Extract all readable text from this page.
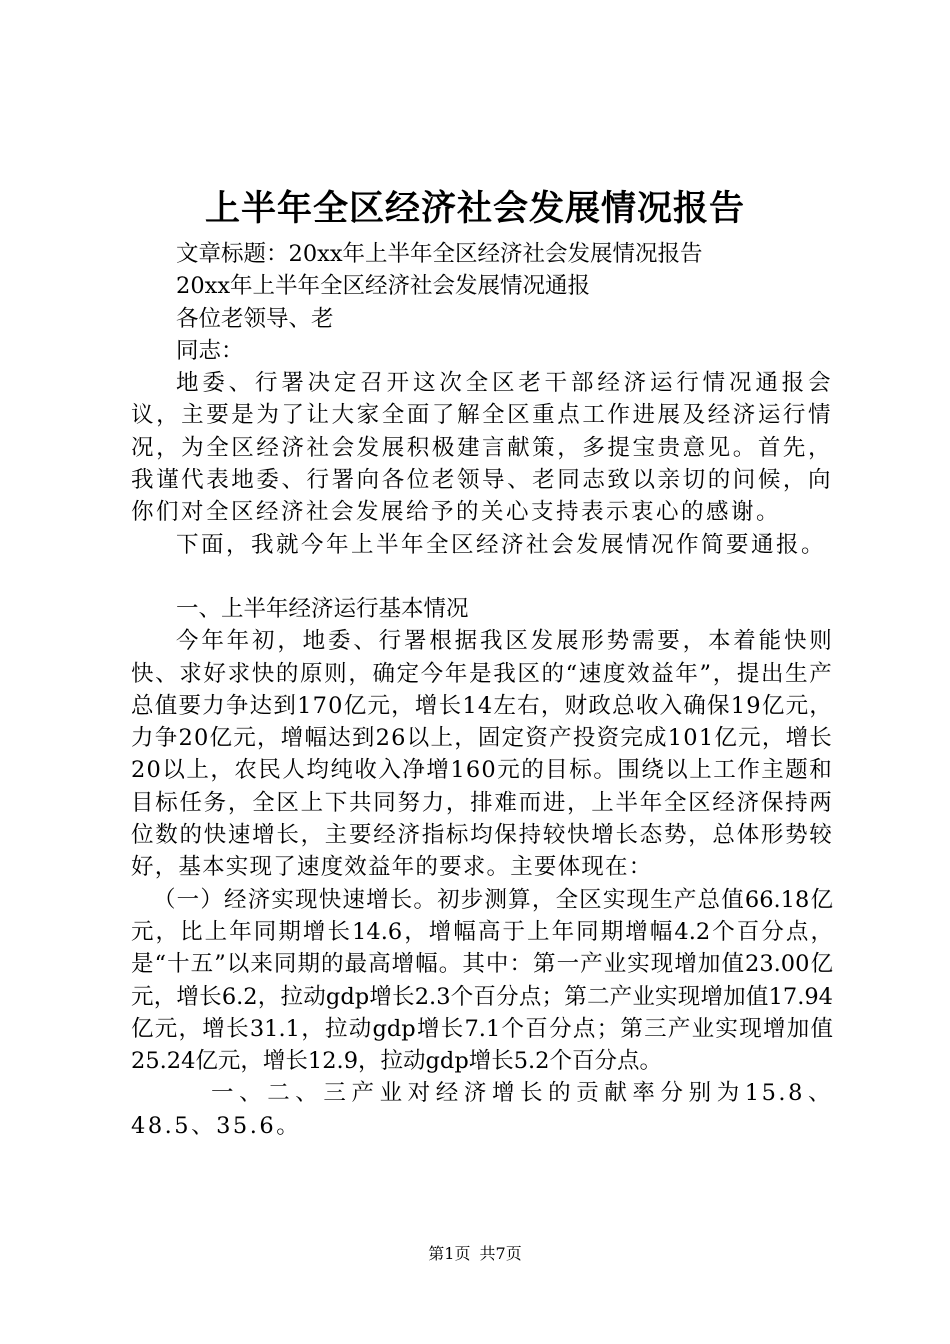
上半年全区经济社会发展情况报告

文章标题：20xx年上半年全区经济社会发展情况报告

20xx年上半年全区经济社会发展情况通报

各位老领导、老

同志：

地委、行署决定召开这次全区老干部经济运行情况通报会议，主要是为了让大家全面了解全区重点工作进展及经济运行情况，为全区经济社会发展积极建言献策，多提宝贵意见。首先，我谨代表地委、行署向各位老领导、老同志致以亲切的问候，向你们对全区经济社会发展给予的关心支持表示衷心的感谢。

下面，我就今年上半年全区经济社会发展情况作简要通报。

一、上半年经济运行基本情况

今年年初，地委、行署根据我区发展形势需要，本着能快则快、求好求快的原则，确定今年是我区的“速度效益年”，提出生产总值要力争达到170亿元，增长14左右，财政总收入确保19亿元，力争20亿元，增幅达到26以上，固定资产投资完成101亿元，增长20以上，农民人均纯收入净增160元的目标。围绕以上工作主题和目标任务，全区上下共同努力，排难而进，上半年全区经济保持两位数的快速增长，主要经济指标均保持较快增长态势，总体形势较好，基本实现了速度效益年的要求。主要体现在：

（一）经济实现快速增长。初步测算，全区实现生产总值66.18亿元，比上年同期增长14.6，增幅高于上年同期增幅4.2个百分点，是“十五”以来同期的最高增幅。其中：第一产业实现增加值23.00亿元，增长6.2，拉动gdp增长2.3个百分点；第二产业实现增加值17.94亿元，增长31.1，拉动gdp增长7.1个百分点；第三产业实现增加值25.24亿元，增长12.9，拉动gdp增长5.2个百分点。

一、二、三产业对经济增长的贡献率分别为15.8、48.5、35.6。

第1页 共7页
